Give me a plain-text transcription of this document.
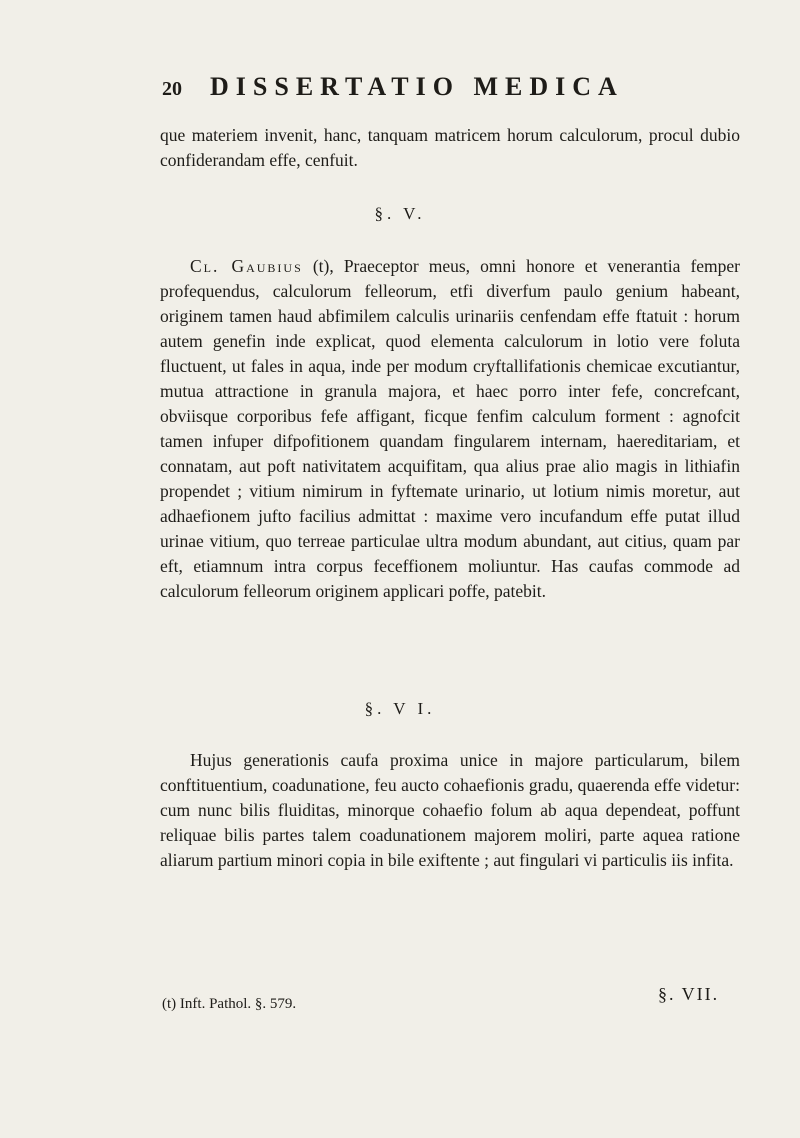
20 DISSERTATIO MEDICA

que materiem invenit, hanc, tanquam matricem horum calculorum, procul dubio confiderandam effe, cenfuit.

§. V.

Cl. Gaubius (t), Praeceptor meus, omni honore et venerantia femper profequendus, calculorum felleorum, etfi diverfum paulo genium habeant, originem tamen haud abfimilem calculis urinariis cenfendam effe ftatuit : horum autem genefin inde explicat, quod elementa calculorum in lotio vere foluta fluctuent, ut fales in aqua, inde per modum cryftallifationis chemicae excutiantur, mutua attractione in granula majora, et haec porro inter fefe, concrefcant, obviisque corporibus fefe affigant, ficque fenfim calculum forment : agnofcit tamen infuper difpofitionem quandam fingularem internam, haereditariam, et connatam, aut poft nativitatem acquifitam, qua alius prae alio magis in lithiafin propendet ; vitium nimirum in fyftemate urinario, ut lotium nimis moretur, aut adhaefionem jufto facilius admittat : maxime vero incufandum effe putat illud urinae vitium, quo terreae particulae ultra modum abundant, aut citius, quam par eft, etiamnum intra corpus feceffionem moliuntur. Has caufas commode ad calculorum felleorum originem applicari poffe, patebit.

§. V I.

Hujus generationis caufa proxima unice in majore particularum, bilem conftituentium, coadunatione, feu aucto cohaefionis gradu, quaerenda effe videtur: cum nunc bilis fluiditas, minorque cohaefio folum ab aqua dependeat, poffunt reliquae bilis partes talem coadunationem majorem moliri, parte aquea ratione aliarum partium minori copia in bile exiftente ; aut fingulari vi particulis iis infita.

(t) Inft. Pathol. §. 579.	§. VII.
